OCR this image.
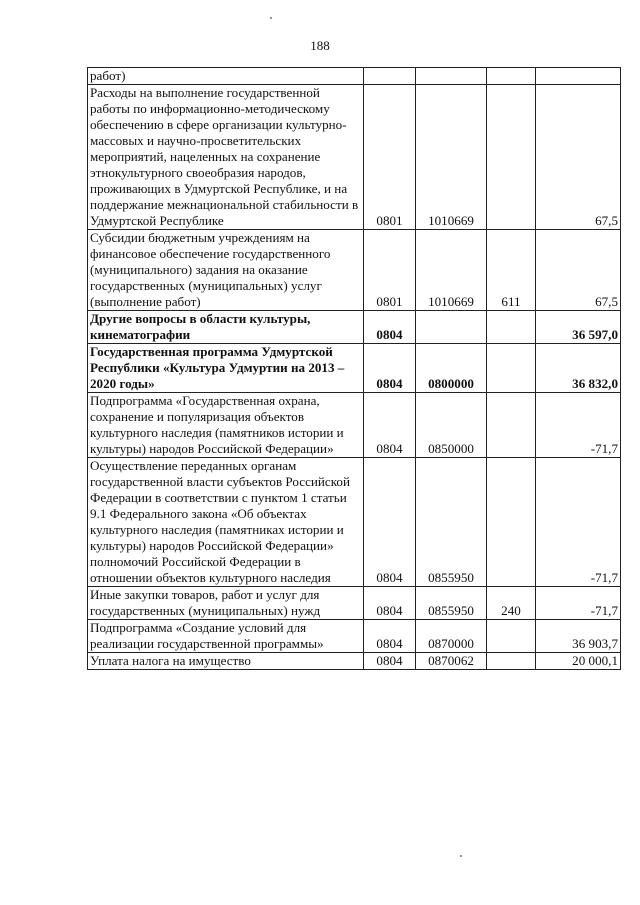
188
работ)				
Расходы на выполнение государственной работы по информационно-методическому обеспечению в сфере организации культурно-массовых и научно-просветительских мероприятий, нацеленных на сохранение этнокультурного своеобразия народов, проживающих в Удмуртской Республике, и на поддержание межнациональной стабильности в Удмуртской Республике	0801	1010669		67,5
Субсидии бюджетным учреждениям на финансовое обеспечение государственного (муниципального) задания на оказание государственных (муниципальных) услуг (выполнение работ)	0801	1010669	611	67,5
Другие вопросы в области культуры, кинематографии	0804			36 597,0
Государственная программа Удмуртской Республики «Культура Удмуртии на 2013 – 2020 годы»	0804	0800000		36 832,0
Подпрограмма «Государственная охрана, сохранение и популяризация объектов культурного наследия (памятников истории и культуры) народов Российской Федерации»	0804	0850000		-71,7
Осуществление переданных органам государственной власти субъектов Российской Федерации в соответствии с пунктом 1 статьи 9.1 Федерального закона «Об объектах культурного наследия (памятниках истории и культуры) народов Российской Федерации» полномочий Российской Федерации в отношении объектов культурного наследия	0804	0855950		-71,7
Иные закупки товаров, работ и услуг для государственных (муниципальных) нужд	0804	0855950	240	-71,7
Подпрограмма «Создание условий для реализации государственной программы»	0804	0870000		36 903,7
Уплата налога на имущество	0804	0870062		20 000,1
